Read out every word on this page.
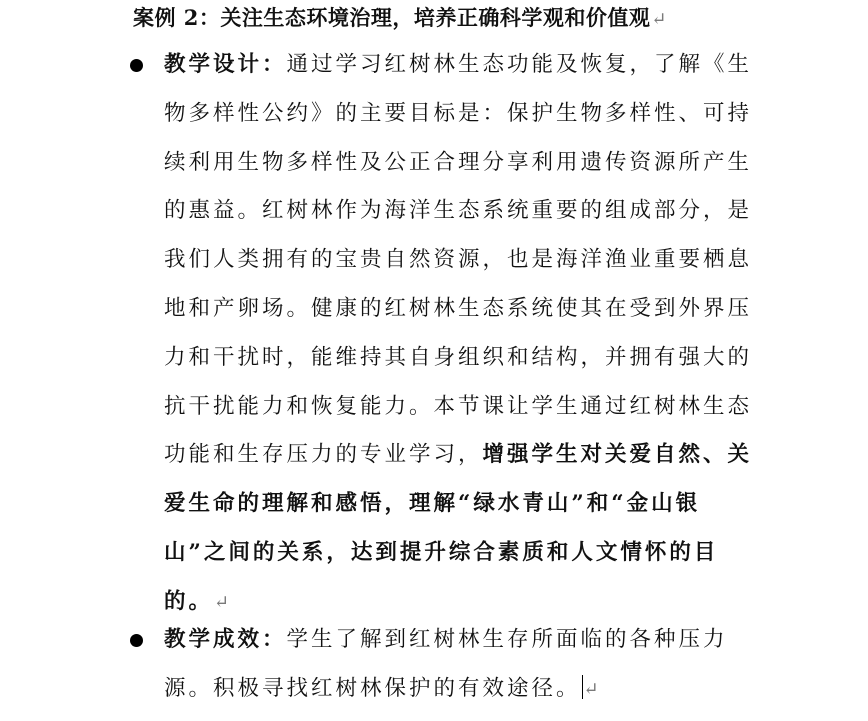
案例 2：关注生态环境治理，培养正确科学观和价值观↵
教学设计：通过学习红树林生态功能及恢复，了解《生
物多样性公约》的主要目标是：保护生物多样性、可持
续利用生物多样性及公正合理分享利用遗传资源所产生
的惠益。红树林作为海洋生态系统重要的组成部分，是
我们人类拥有的宝贵自然资源，也是海洋渔业重要栖息
地和产卵场。健康的红树林生态系统使其在受到外界压
力和干扰时，能维持其自身组织和结构，并拥有强大的
抗干扰能力和恢复能力。本节课让学生通过红树林生态
功能和生存压力的专业学习，增强学生对关爱自然、关
爱生命的理解和感悟，理解“绿水青山”和“金山银
山”之间的关系，达到提升综合素质和人文情怀的目
的。↵
教学成效：学生了解到红树林生存所面临的各种压力
源。积极寻找红树林保护的有效途径。 ↵
